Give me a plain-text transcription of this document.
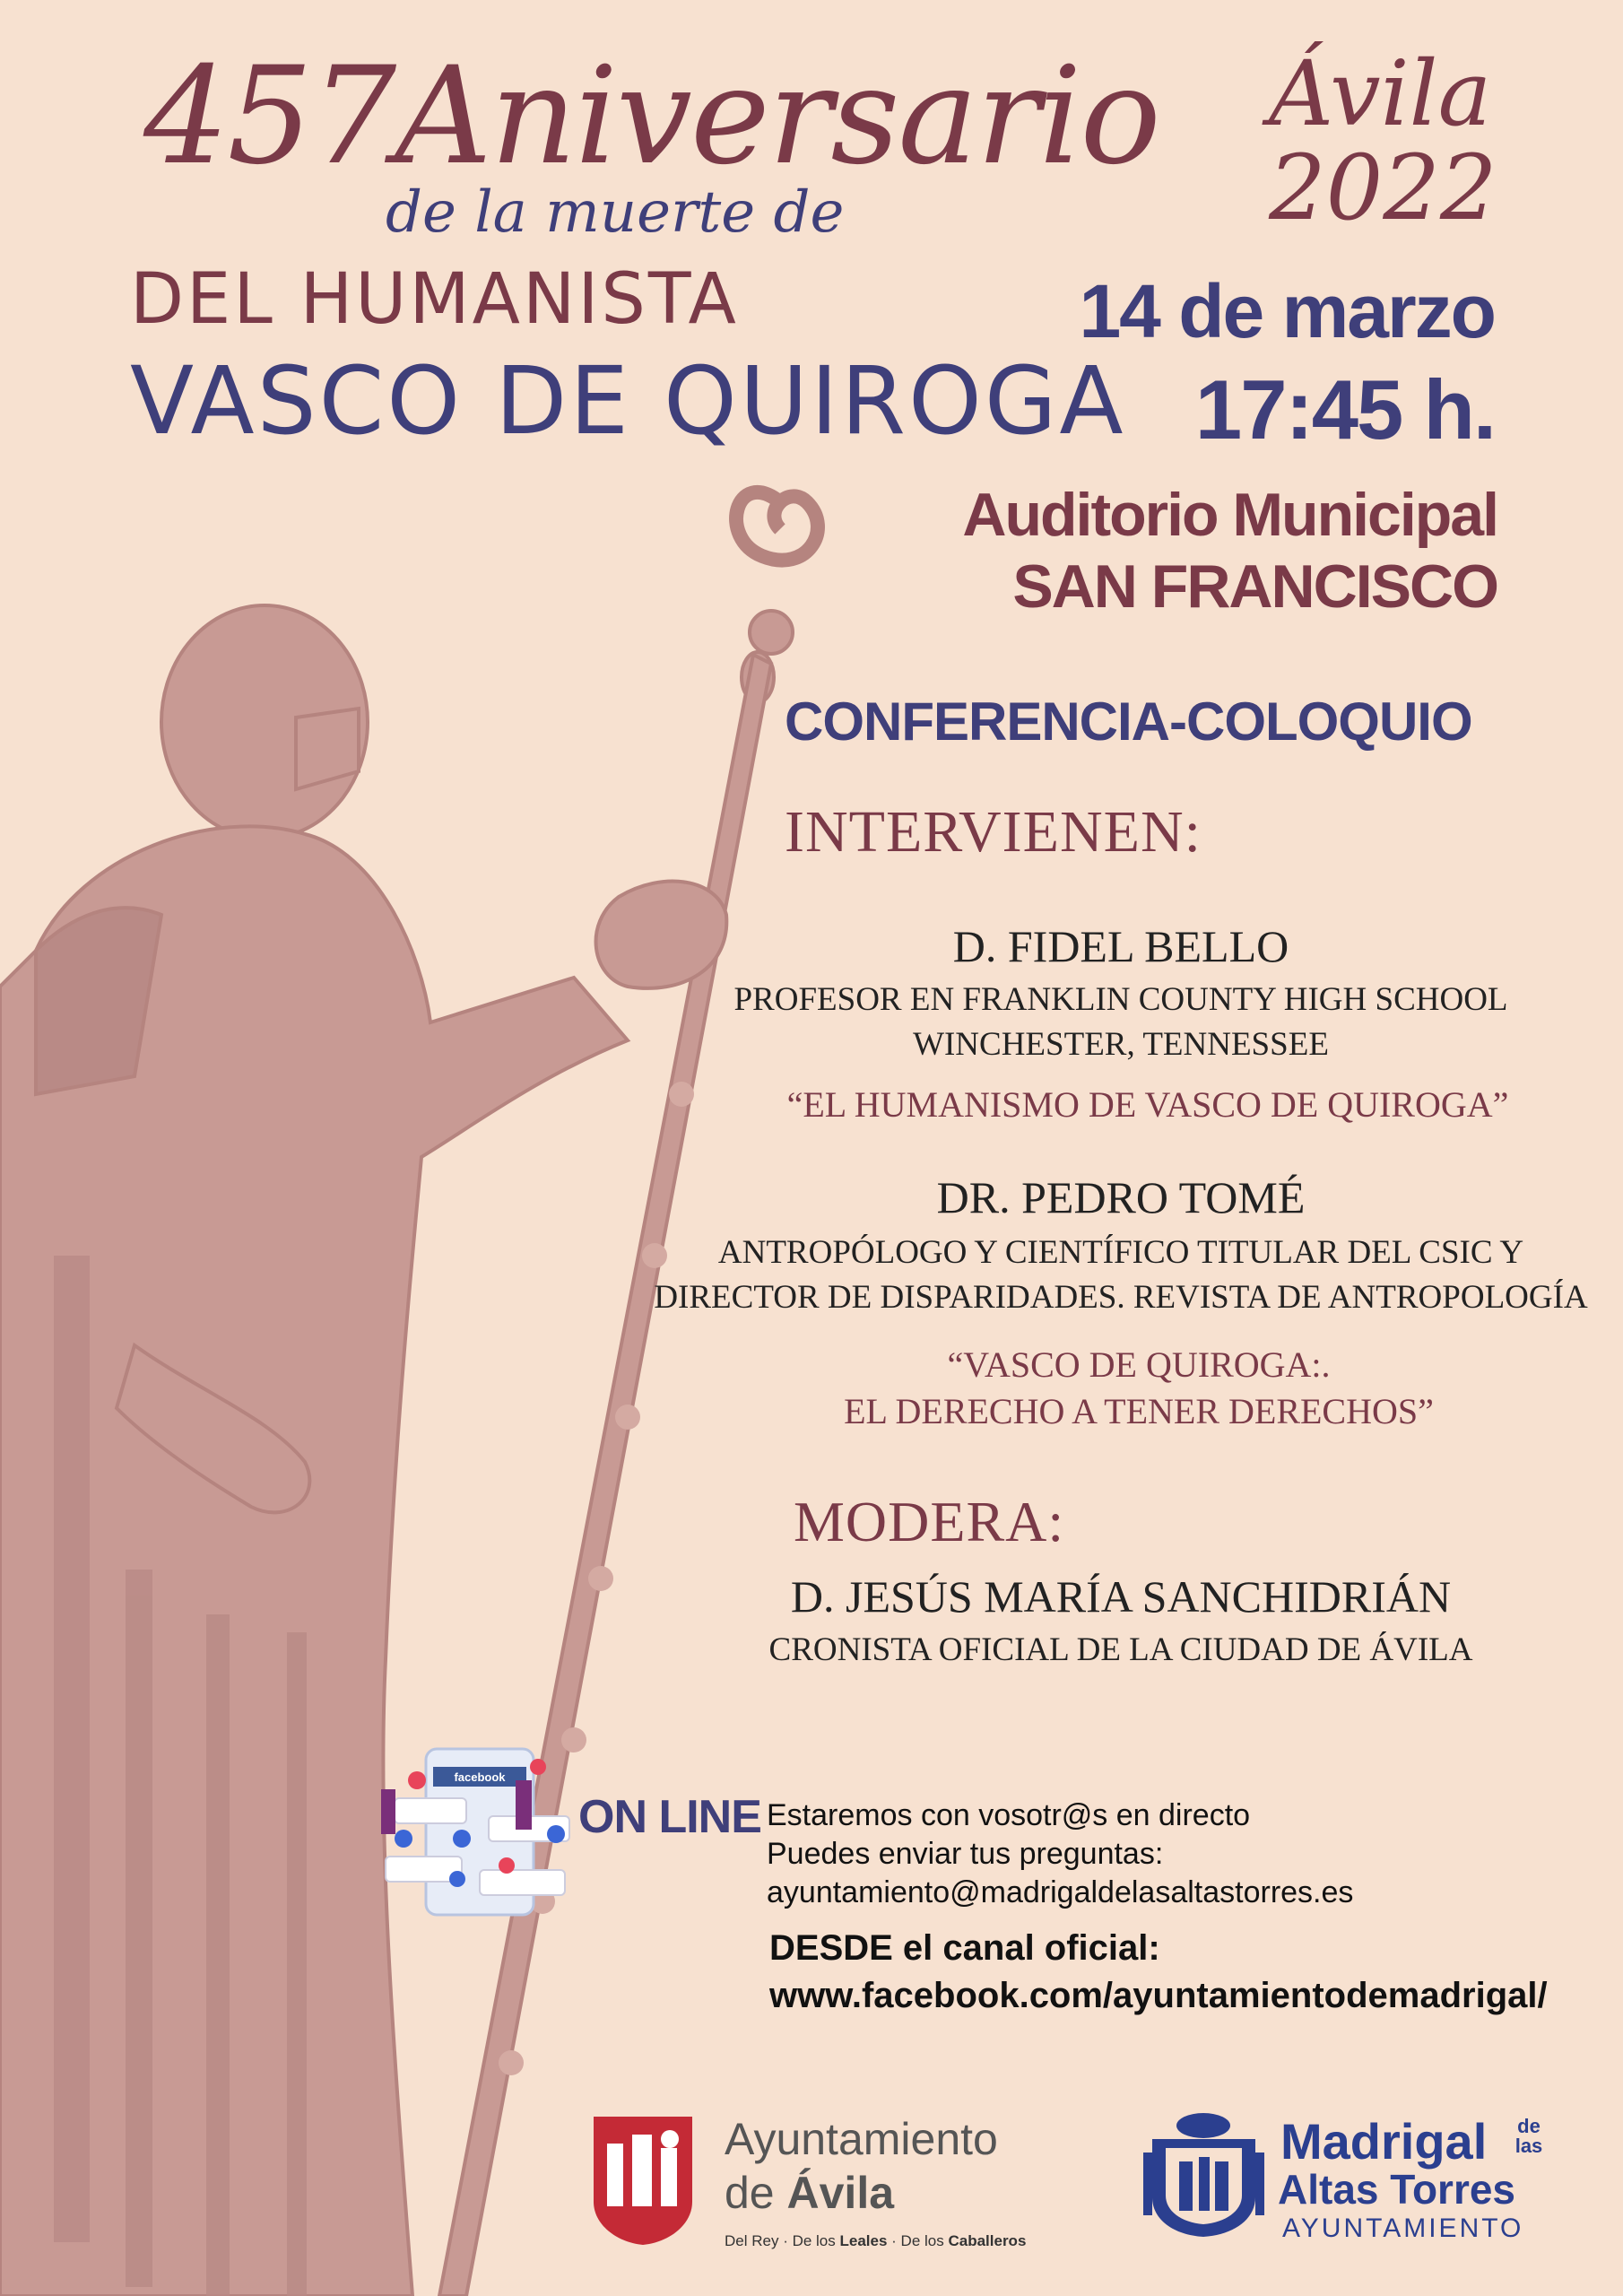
457Aniversario
de la muerte de
DEL HUMANISTA
VASCO DE QUIROGA
Ávila
2022
14 de marzo
17:45 h.
Auditorio Municipal
SAN FRANCISCO
CONFERENCIA-COLOQUIO
INTERVIENEN:
D. FIDEL BELLO
PROFESOR EN FRANKLIN COUNTY HIGH SCHOOL
WINCHESTER, TENNESSEE
“EL HUMANISMO DE VASCO DE QUIROGA”
DR. PEDRO TOMÉ
ANTROPÓLOGO Y CIENTÍFICO TITULAR DEL CSIC Y
DIRECTOR DE DISPARIDADES. REVISTA DE ANTROPOLOGÍA
“VASCO DE QUIROGA:.
EL DERECHO A TENER DERECHOS”
MODERA:
D. JESÚS MARÍA SANCHIDRIÁN
CRONISTA OFICIAL DE LA CIUDAD DE ÁVILA
facebook
ON LINE Estaremos con vosotr@s en directo
Puedes enviar tus preguntas:
ayuntamiento@madrigaldelasaltastorres.es
DESDE el canal oficial:
www.facebook.com/ayuntamientodemadrigal/
Ayuntamiento
de Ávila
Del Rey · De los Leales · De los Caballeros
Madrigal	de las
Altas Torres
AYUNTAMIENTO
